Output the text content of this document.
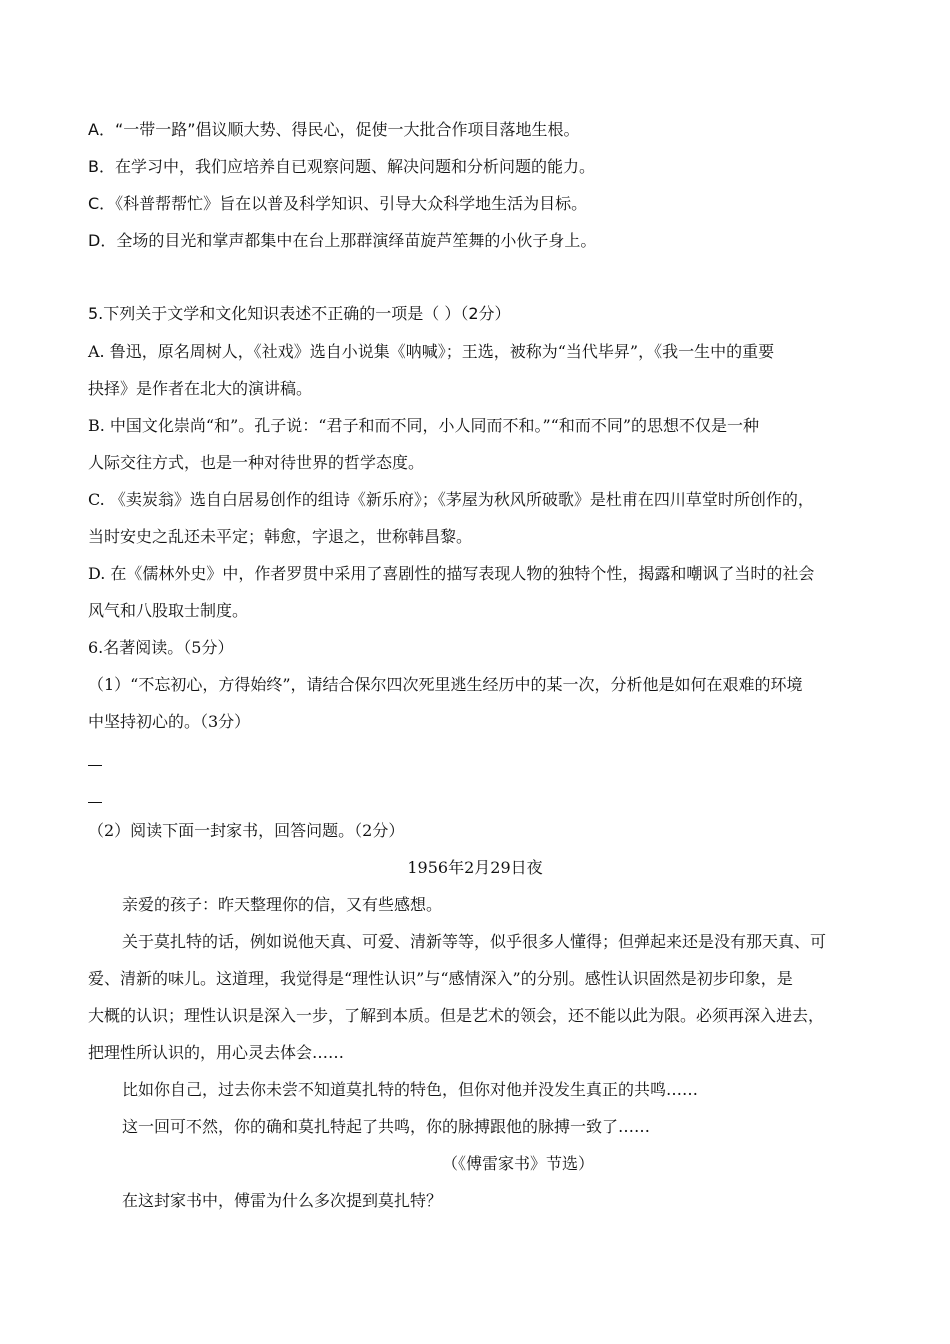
A．“一带一路”倡议顺大势、得民心，促使一大批合作项目落地生根。
B．在学习中，我们应培养自已观察问题、解决问题和分析问题的能力。
C．《科普帮帮忙》旨在以普及科学知识、引导大众科学地生活为目标。
D．全场的目光和掌声都集中在台上那群演绎苗旋芦笙舞的小伙子身上。
5.下列关于文学和文化知识表述不正确的一项是（ ）（2分）
A. 鲁迅，原名周树人，《社戏》选自小说集《呐喊》；王选，被称为“当代毕昇”，《我一生中的重要
抉择》是作者在北大的演讲稿。
B. 中国文化崇尚“和”。孔子说：“君子和而不同，小人同而不和。”“和而不同”的思想不仅是一种
人际交往方式，也是一种对待世界的哲学态度。
C. 《卖炭翁》选自白居易创作的组诗《新乐府》；《茅屋为秋风所破歌》是杜甫在四川草堂时所创作的，
当时安史之乱还未平定；韩愈，字退之，世称韩昌黎。
D. 在《儒林外史》中，作者罗贯中采用了喜剧性的描写表现人物的独特个性，揭露和嘲讽了当时的社会
风气和八股取士制度。
6.名著阅读。（5分）
（1）“不忘初心，方得始终”，请结合保尔四次死里逃生经历中的某一次，分析他是如何在艰难的环境
中坚持初心的。（3分）
（2）阅读下面一封家书，回答问题。（2分）
1956年2月29日夜
亲爱的孩子：昨天整理你的信，又有些感想。
关于莫扎特的话，例如说他天真、可爱、清新等等，似乎很多人懂得；但弹起来还是没有那天真、可
爱、清新的味儿。这道理，我觉得是“理性认识”与“感情深入”的分别。感性认识固然是初步印象，是
大概的认识；理性认识是深入一步，了解到本质。但是艺术的领会，还不能以此为限。必须再深入进去，
把理性所认识的，用心灵去体会……
比如你自己，过去你未尝不知道莫扎特的特色，但你对他并没发生真正的共鸣……
这一回可不然，你的确和莫扎特起了共鸣，你的脉搏跟他的脉搏一致了……
（《傅雷家书》节选）
在这封家书中，傅雷为什么多次提到莫扎特？
